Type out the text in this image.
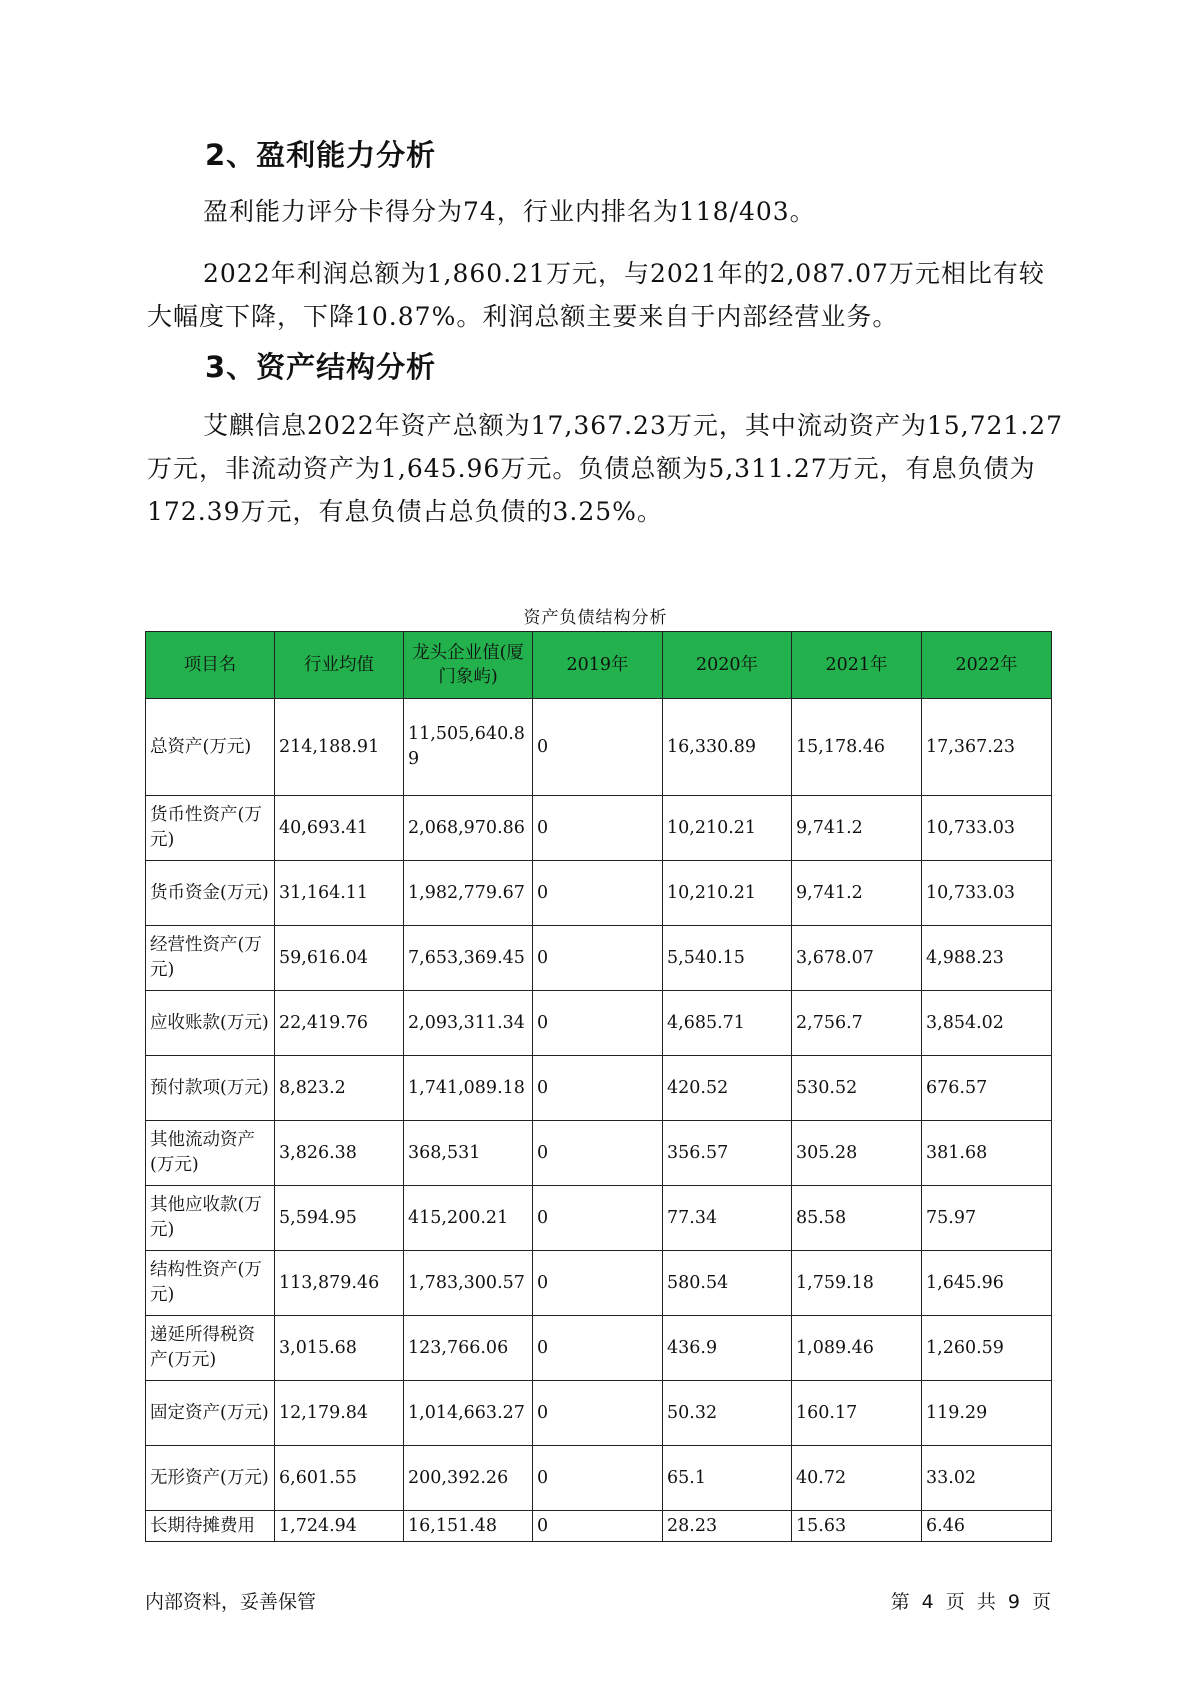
2、盈利能力分析

盈利能力评分卡得分为74，行业内排名为118/403。

2022年利润总额为1,860.21万元，与2021年的2,087.07万元相比有较大幅度下降，下降10.87%。利润总额主要来自于内部经营业务。

3、资产结构分析

艾麒信息2022年资产总额为17,367.23万元，其中流动资产为15,721.27万元，非流动资产为1,645.96万元。负债总额为5,311.27万元，有息负债为172.39万元，有息负债占总负债的3.25%。

资产负债结构分析
项目名	行业均值	龙头企业值(厦门象屿)	2019年	2020年	2021年	2022年
总资产(万元)	214,188.91	11,505,640.89	0	16,330.89	15,178.46	17,367.23
货币性资产(万元)	40,693.41	2,068,970.86	0	10,210.21	9,741.2	10,733.03
货币资金(万元)	31,164.11	1,982,779.67	0	10,210.21	9,741.2	10,733.03
经营性资产(万元)	59,616.04	7,653,369.45	0	5,540.15	3,678.07	4,988.23
应收账款(万元)	22,419.76	2,093,311.34	0	4,685.71	2,756.7	3,854.02
预付款项(万元)	8,823.2	1,741,089.18	0	420.52	530.52	676.57
其他流动资产(万元)	3,826.38	368,531	0	356.57	305.28	381.68
其他应收款(万元)	5,594.95	415,200.21	0	77.34	85.58	75.97
结构性资产(万元)	113,879.46	1,783,300.57	0	580.54	1,759.18	1,645.96
递延所得税资产(万元)	3,015.68	123,766.06	0	436.9	1,089.46	1,260.59
固定资产(万元)	12,179.84	1,014,663.27	0	50.32	160.17	119.29
无形资产(万元)	6,601.55	200,392.26	0	65.1	40.72	33.02
长期待摊费用	1,724.94	16,151.48	0	28.23	15.63	6.46
内部资料，妥善保管	第 4 页 共 9 页
